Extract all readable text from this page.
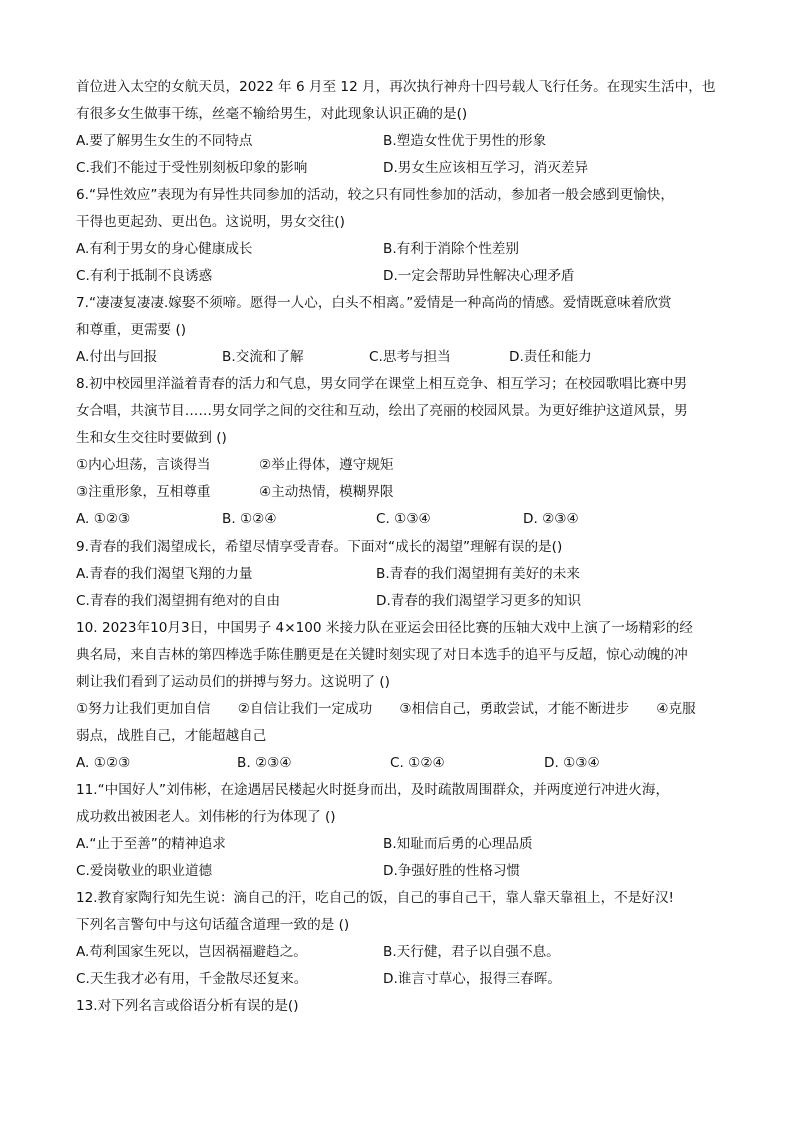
首位进入太空的女航天员，2022 年 6 月至 12 月，再次执行神舟十四号载人飞行任务。在现实生活中，也
有很多女生做事干练，丝毫不输给男生，对此现象认识正确的是()
A.要了解男生女生的不同特点	B.塑造女性优于男性的形象
C.我们不能过于受性别刻板印象的影响	D.男女生应该相互学习，消灭差异
6.“异性效应”表现为有异性共同参加的活动，较之只有同性参加的活动，参加者一般会感到更愉快，
干得也更起劲、更出色。这说明，男女交往()
A.有利于男女的身心健康成长	B.有利于消除个性差别
C.有利于抵制不良诱惑	D.一定会帮助异性解决心理矛盾
7.“凄凄复凄凄.嫁娶不须啼。愿得一人心，白头不相离。”爱情是一种高尚的情感。爱情既意味着欣赏
和尊重，更需要 ()
A.付出与回报	B.交流和了解	C.思考与担当	D.责任和能力
8.初中校园里洋溢着青春的活力和气息，男女同学在课堂上相互竞争、相互学习；在校园歌唱比赛中男
女合唱，共演节目……男女同学之间的交往和互动，绘出了亮丽的校园风景。为更好维护这道风景，男
生和女生交往时要做到 ()
①内心坦荡，言谈得当	②举止得体，遵守规矩
③注重形象，互相尊重	④主动热情，模糊界限
A. ①②③	B. ①②④	C. ①③④	D. ②③④
9.青春的我们渴望成长，希望尽情享受青春。下面对“成长的渴望”理解有误的是()
A.青春的我们渴望飞翔的力量	B.青春的我们渴望拥有美好的未来
C.青春的我们渴望拥有绝对的自由	D.青春的我们渴望学习更多的知识
10. 2023年10月3日，中国男子 4×100 米接力队在亚运会田径比赛的压轴大戏中上演了一场精彩的经
典名局，来自吉林的第四棒选手陈佳鹏更是在关键时刻实现了对日本选手的追平与反超，惊心动魄的冲
刺让我们看到了运动员们的拼搏与努力。这说明了 ()
①努力让我们更加自信　　②自信让我们一定成功　　③相信自己，勇敢尝试，才能不断进步　　④克服
弱点，战胜自己，才能超越自己
A. ①②③	B. ②③④	C. ①②④	D. ①③④
11.“中国好人”刘伟彬，在途遇居民楼起火时挺身而出，及时疏散周围群众，并两度逆行冲进火海，
成功救出被困老人。刘伟彬的行为体现了 ()
A.“止于至善”的精神追求	B.知耻而后勇的心理品质
C.爱岗敬业的职业道德	D.争强好胜的性格习惯
12.教育家陶行知先生说：滴自己的汗，吃自己的饭，自己的事自己干，靠人靠天靠祖上，不是好汉!
下列名言警句中与这句话蕴含道理一致的是 ()
A.苟利国家生死以，岂因祸福避趋之。	B.天行健，君子以自强不息。
C.天生我才必有用，千金散尽还复来。	D.谁言寸草心，报得三春晖。
13.对下列名言或俗语分析有误的是()
